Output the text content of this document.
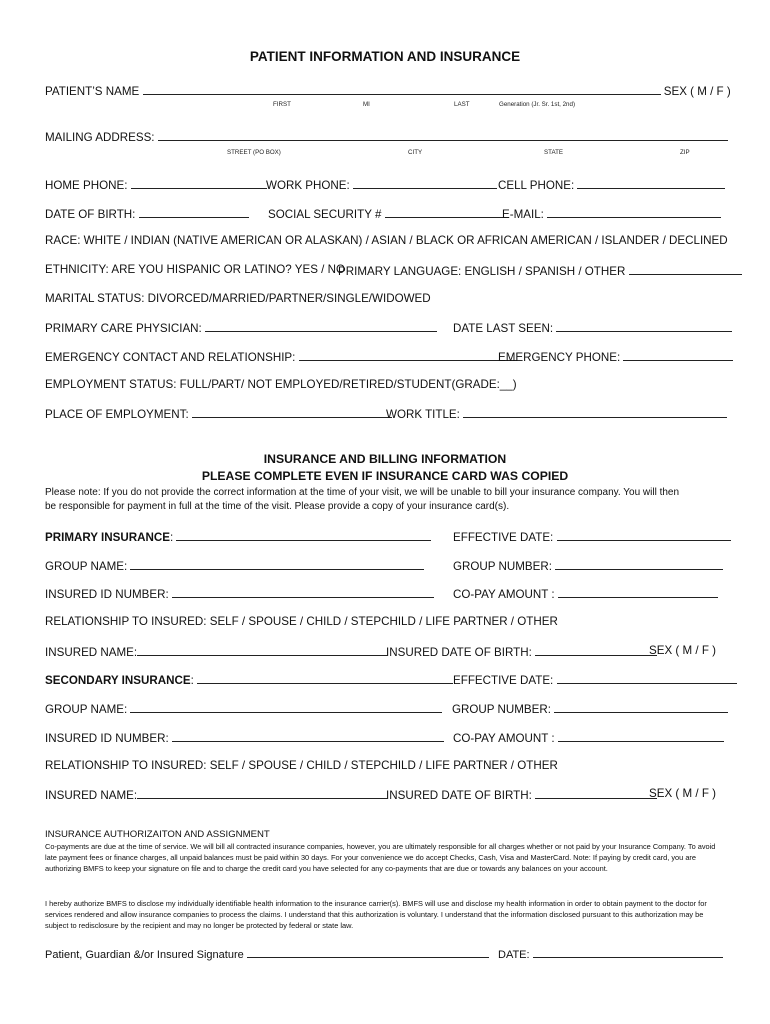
PATIENT INFORMATION AND INSURANCE
PATIENT’S NAME	SEX ( M / F )
FIRST	MI	LAST	Generation (Jr. Sr. 1st, 2nd)
MAILING ADDRESS:
STREET (PO BOX)	CITY	STATE	ZIP
HOME PHONE:	WORK PHONE:	CELL PHONE:
DATE OF BIRTH:	SOCIAL SECURITY #	E-MAIL:
RACE: WHITE / INDIAN (NATIVE AMERICAN OR ALASKAN) / ASIAN / BLACK OR AFRICAN AMERICAN / ISLANDER / DECLINED
ETHNICITY: ARE YOU HISPANIC OR LATINO? YES / NO
PRIMARY LANGUAGE: ENGLISH / SPANISH / OTHER
MARITAL STATUS: DIVORCED/MARRIED/PARTNER/SINGLE/WIDOWED
PRIMARY CARE PHYSICIAN:	DATE LAST SEEN:
EMERGENCY CONTACT AND RELATIONSHIP:	EMERGENCY PHONE:
EMPLOYMENT STATUS: FULL/PART/ NOT EMPLOYED/RETIRED/STUDENT(GRADE:__)
PLACE OF EMPLOYMENT:	WORK TITLE:
INSURANCE AND BILLING INFORMATION
PLEASE COMPLETE EVEN IF INSURANCE CARD WAS COPIED
Please note: If you do not provide the correct information at the time of your visit, we will be unable to bill your insurance company. You will then
be responsible for payment in full at the time of the visit. Please provide a copy of your insurance card(s).
PRIMARY INSURANCE:	EFFECTIVE DATE:
GROUP NAME:	GROUP NUMBER:
INSURED ID NUMBER:	CO-PAY AMOUNT :
RELATIONSHIP TO INSURED: SELF / SPOUSE / CHILD / STEPCHILD / LIFE PARTNER / OTHER
INSURED NAME:	INSURED DATE OF BIRTH:	SEX ( M / F )
SECONDARY INSURANCE:	EFFECTIVE DATE:
GROUP NAME:	GROUP NUMBER:
INSURED ID NUMBER:	CO-PAY AMOUNT :
RELATIONSHIP TO INSURED: SELF / SPOUSE / CHILD / STEPCHILD / LIFE PARTNER / OTHER
INSURED NAME:	INSURED DATE OF BIRTH:	SEX ( M / F )
INSURANCE AUTHORIZAITON AND ASSIGNMENT
Co-payments are due at the time of service. We will bill all contracted insurance companies, however, you are ultimately responsible for all charges whether or not paid by your Insurance Company. To avoid late payment fees or finance charges, all unpaid balances must be paid within 30 days. For your convenience we do accept Checks, Cash, Visa and MasterCard. Note: If paying by credit card, you are authorizing BMFS to keep your signature on file and to charge the credit card you have selected for any co-payments that are due or towards any balances on your account.
I hereby authorize BMFS to disclose my individually identifiable health information to the insurance carrier(s). BMFS will use and disclose my health information in order to obtain payment to the doctor for services rendered and allow insurance companies to process the claims. I understand that this authorization is voluntary. I understand that the information disclosed pursuant to this authorization may be subject to redisclosure by the recipient and may no longer be protected by federal or state law.
Patient, Guardian &/or Insured Signature	DATE:
